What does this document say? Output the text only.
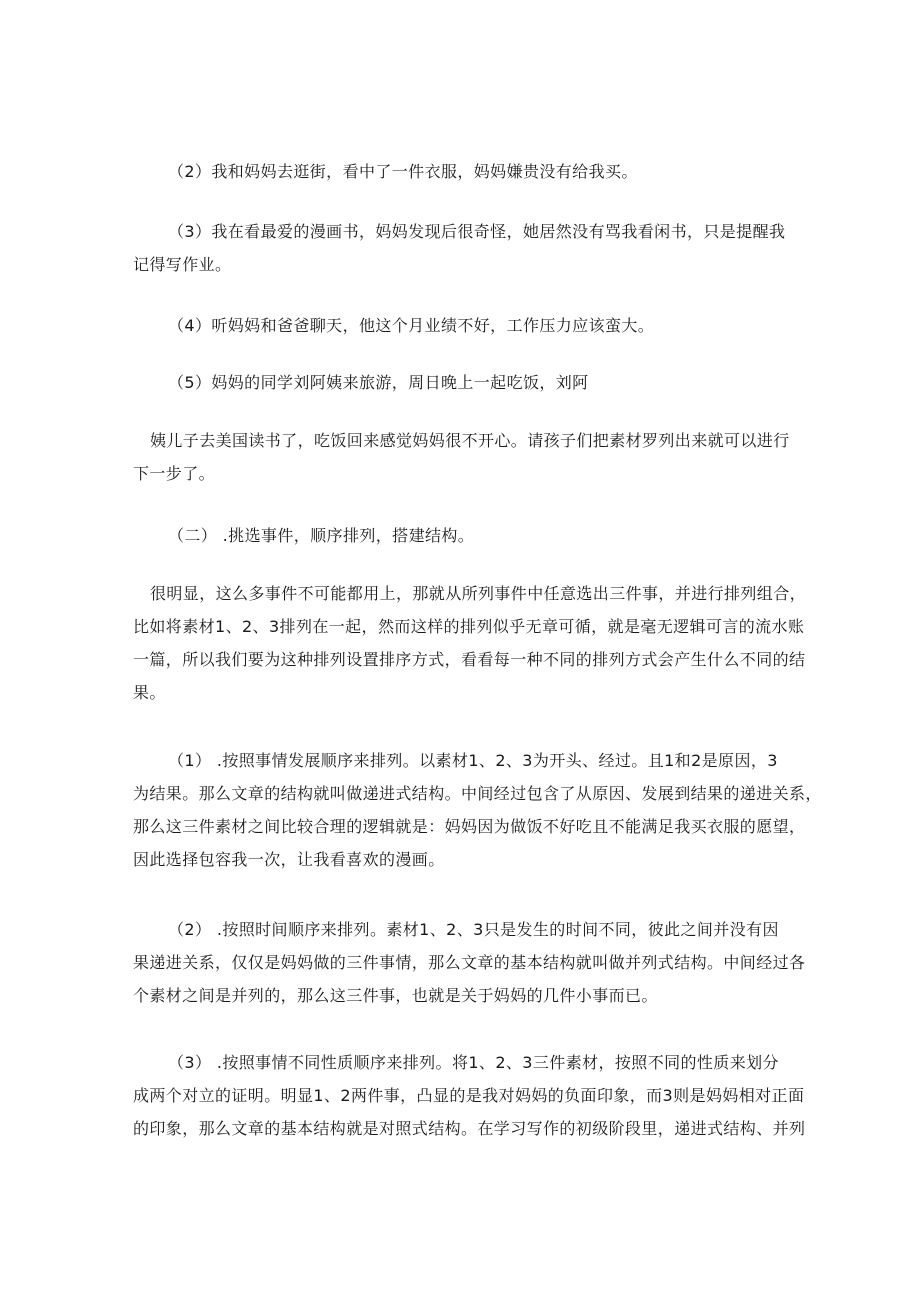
（2）我和妈妈去逛街，看中了一件衣服，妈妈嫌贵没有给我买。

（3）我在看最爱的漫画书，妈妈发现后很奇怪，她居然没有骂我看闲书，只是提醒我
记得写作业。

（4）听妈妈和爸爸聊天，他这个月业绩不好，工作压力应该蛮大。

（5）妈妈的同学刘阿姨来旅游，周日晚上一起吃饭，刘阿

姨儿子去美国读书了，吃饭回来感觉妈妈很不开心。请孩子们把素材罗列出来就可以进行
下一步了。

（二） .挑选事件，顺序排列，搭建结构。

很明显，这么多事件不可能都用上，那就从所列事件中任意选出三件事，并进行排列组合，
比如将素材1、2、3排列在一起，然而这样的排列似乎无章可循，就是毫无逻辑可言的流水账
一篇，所以我们要为这种排列设置排序方式，看看每一种不同的排列方式会产生什么不同的结
果。

（1） .按照事情发展顺序来排列。以素材1、2、3为开头、经过。且1和2是原因，3
为结果。那么文章的结构就叫做递进式结构。中间经过包含了从原因、发展到结果的递进关系，
那么这三件素材之间比较合理的逻辑就是：妈妈因为做饭不好吃且不能满足我买衣服的愿望，
因此选择包容我一次，让我看喜欢的漫画。

（2） .按照时间顺序来排列。素材1、2、3只是发生的时间不同，彼此之间并没有因
果递进关系，仅仅是妈妈做的三件事情，那么文章的基本结构就叫做并列式结构。中间经过各
个素材之间是并列的，那么这三件事，也就是关于妈妈的几件小事而已。

（3） .按照事情不同性质顺序来排列。将1、2、3三件素材，按照不同的性质来划分
成两个对立的证明。明显1、2两件事，凸显的是我对妈妈的负面印象，而3则是妈妈相对正面
的印象，那么文章的基本结构就是对照式结构。在学习写作的初级阶段里，递进式结构、并列
